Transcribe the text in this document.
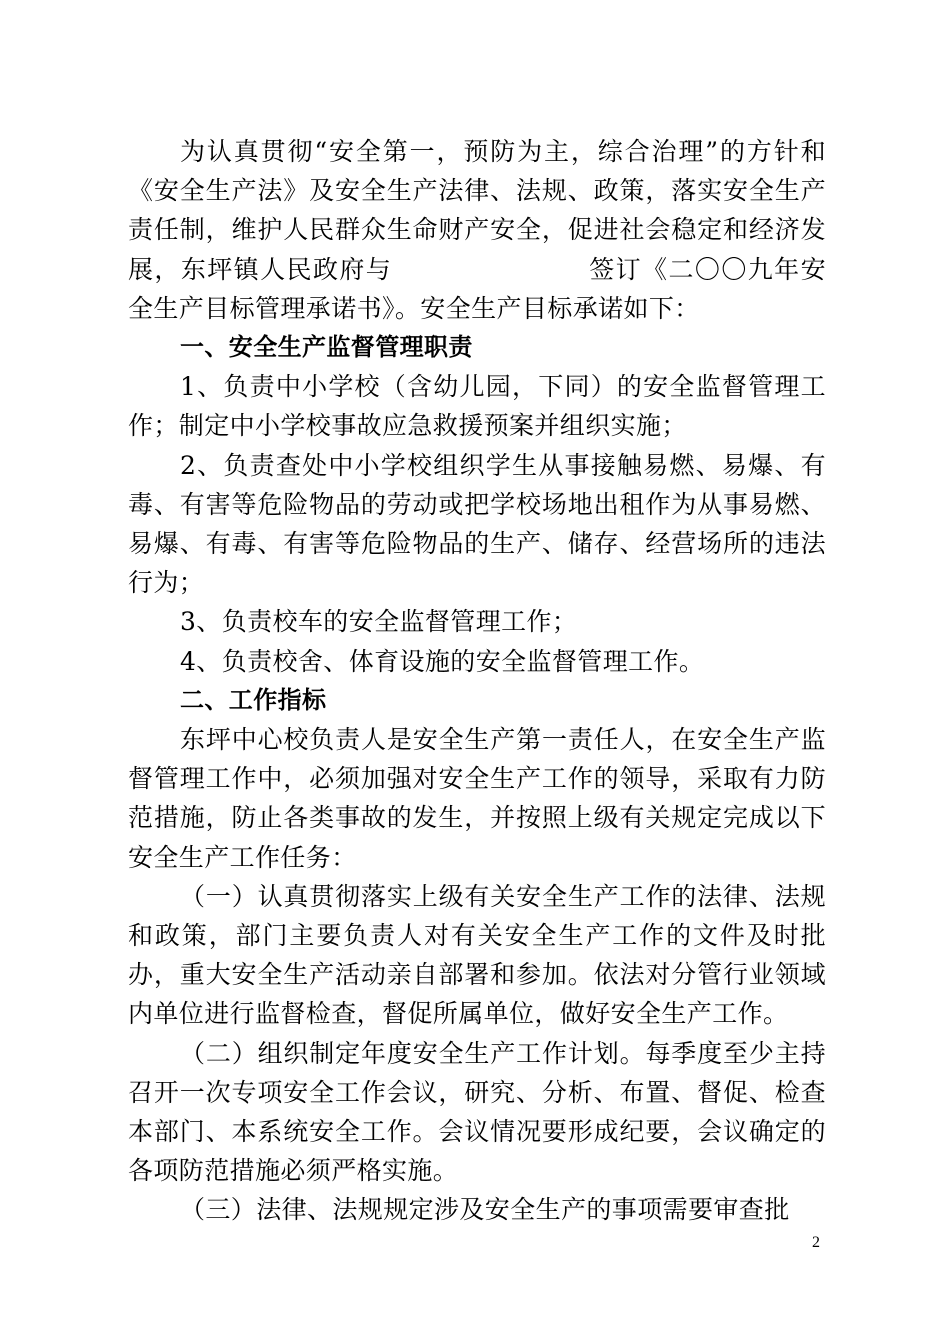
为认真贯彻“安全第一，预防为主，综合治理”的方针和《安全生产法》及安全生产法律、法规、政策，落实安全生产责任制，维护人民群众生命财产安全，促进社会稳定和经济发展，东坪镇人民政府与	签订《二〇〇九年安全生产目标管理承诺书》。安全生产目标承诺如下：

一、安全生产监督管理职责

1、负责中小学校（含幼儿园，下同）的安全监督管理工作；制定中小学校事故应急救援预案并组织实施；

2、负责查处中小学校组织学生从事接触易燃、易爆、有毒、有害等危险物品的劳动或把学校场地出租作为从事易燃、易爆、有毒、有害等危险物品的生产、储存、经营场所的违法行为；

3、负责校车的安全监督管理工作；

4、负责校舍、体育设施的安全监督管理工作。

二、工作指标

东坪中心校负责人是安全生产第一责任人，在安全生产监督管理工作中，必须加强对安全生产工作的领导，采取有力防范措施，防止各类事故的发生，并按照上级有关规定完成以下安全生产工作任务：

（一）认真贯彻落实上级有关安全生产工作的法律、法规和政策，部门主要负责人对有关安全生产工作的文件及时批办，重大安全生产活动亲自部署和参加。依法对分管行业领域内单位进行监督检查，督促所属单位，做好安全生产工作。

（二）组织制定年度安全生产工作计划。每季度至少主持召开一次专项安全工作会议，研究、分析、布置、督促、检查本部门、本系统安全工作。会议情况要形成纪要，会议确定的各项防范措施必须严格实施。

（三）法律、法规规定涉及安全生产的事项需要审查批

2
